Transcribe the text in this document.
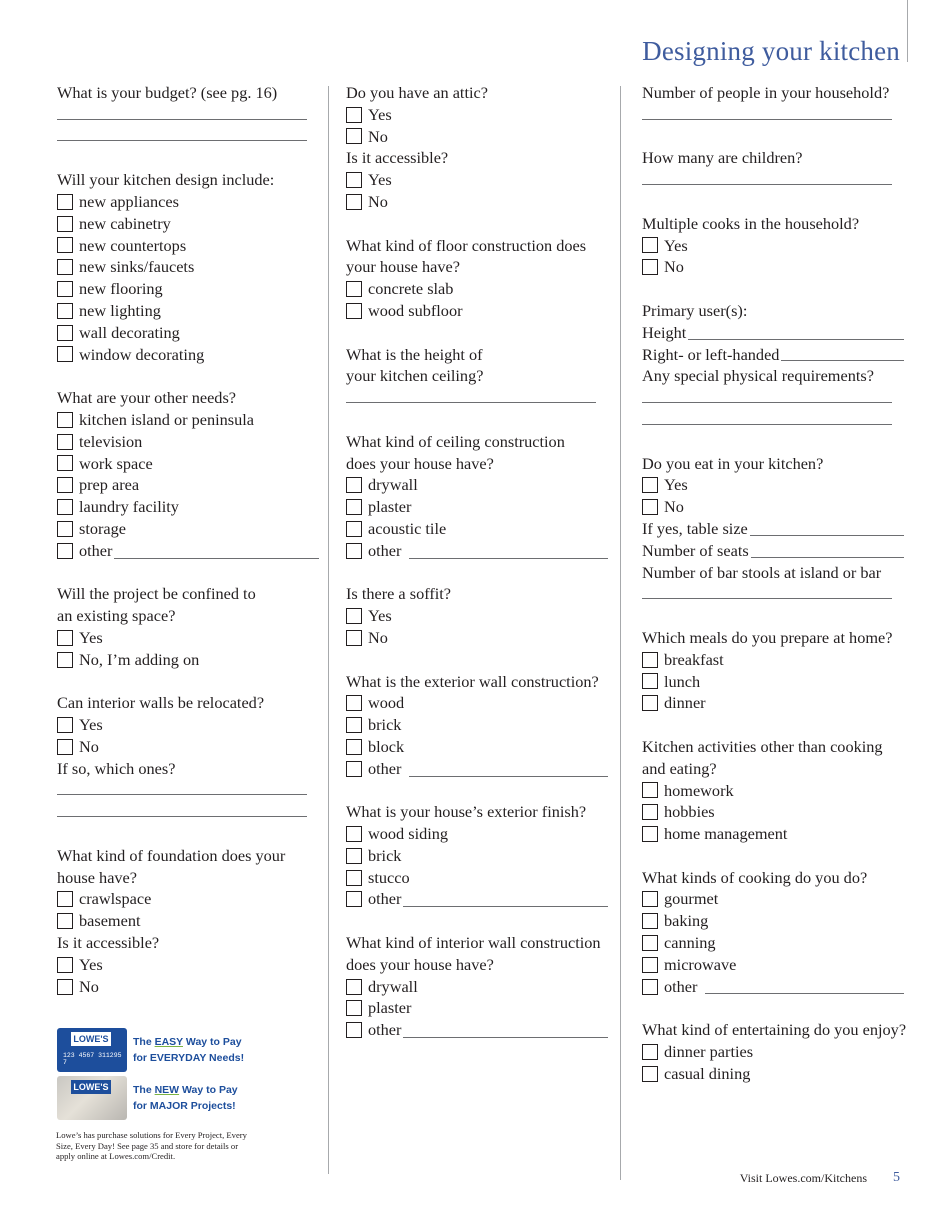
Designing your kitchen
What is your budget? (see pg. 16)
Will your kitchen design include:
new appliances
new cabinetry
new countertops
new sinks/faucets
new flooring
new lighting
wall decorating
window decorating
What are your other needs?
kitchen island or peninsula
television
work space
prep area
laundry facility
storage
other
Will the project be confined to
an existing space?
Yes
No, I’m adding on
Can interior walls be relocated?
Yes
No
If so, which ones?
What kind of foundation does your
house have?
crawlspace
basement
Is it accessible?
Yes
No
Do you have an attic?
Yes
No
Is it accessible?
Yes
No
What kind of floor construction does
your house have?
concrete slab
wood subfloor
What is the height of
your kitchen ceiling?
What kind of ceiling construction
does your house have?
drywall
plaster
acoustic tile
other
Is there a soffit?
Yes
No
What is the exterior wall construction?
wood
brick
block
other
What is your house’s exterior finish?
wood siding
brick
stucco
other
What kind of interior wall construction
does your house have?
drywall
plaster
other
Number of people in your household?
How many are children?
Multiple cooks in the household?
Yes
No
Primary user(s):
Height
Right- or left-handed
Any special physical requirements?
Do you eat in your kitchen?
Yes
No
If yes, table size
Number of seats
Number of bar stools at island or bar
Which meals do you prepare at home?
breakfast
lunch
dinner
Kitchen activities other than cooking
and eating?
homework
hobbies
home management
What kinds of cooking do you do?
gourmet
baking
canning
microwave
other
What kind of entertaining do you enjoy?
dinner parties
casual dining
LOWE'S
123 4567 311295 7
The EASY Way to Pay
for EVERYDAY Needs!
LOWE'S The NEW Way to Pay
for MAJOR Projects!
Lowe’s has purchase solutions for Every Project, Every Size, Every Day! See page 35 and store for details or apply online at Lowes.com/Credit.
Visit Lowes.com/Kitchens 5
